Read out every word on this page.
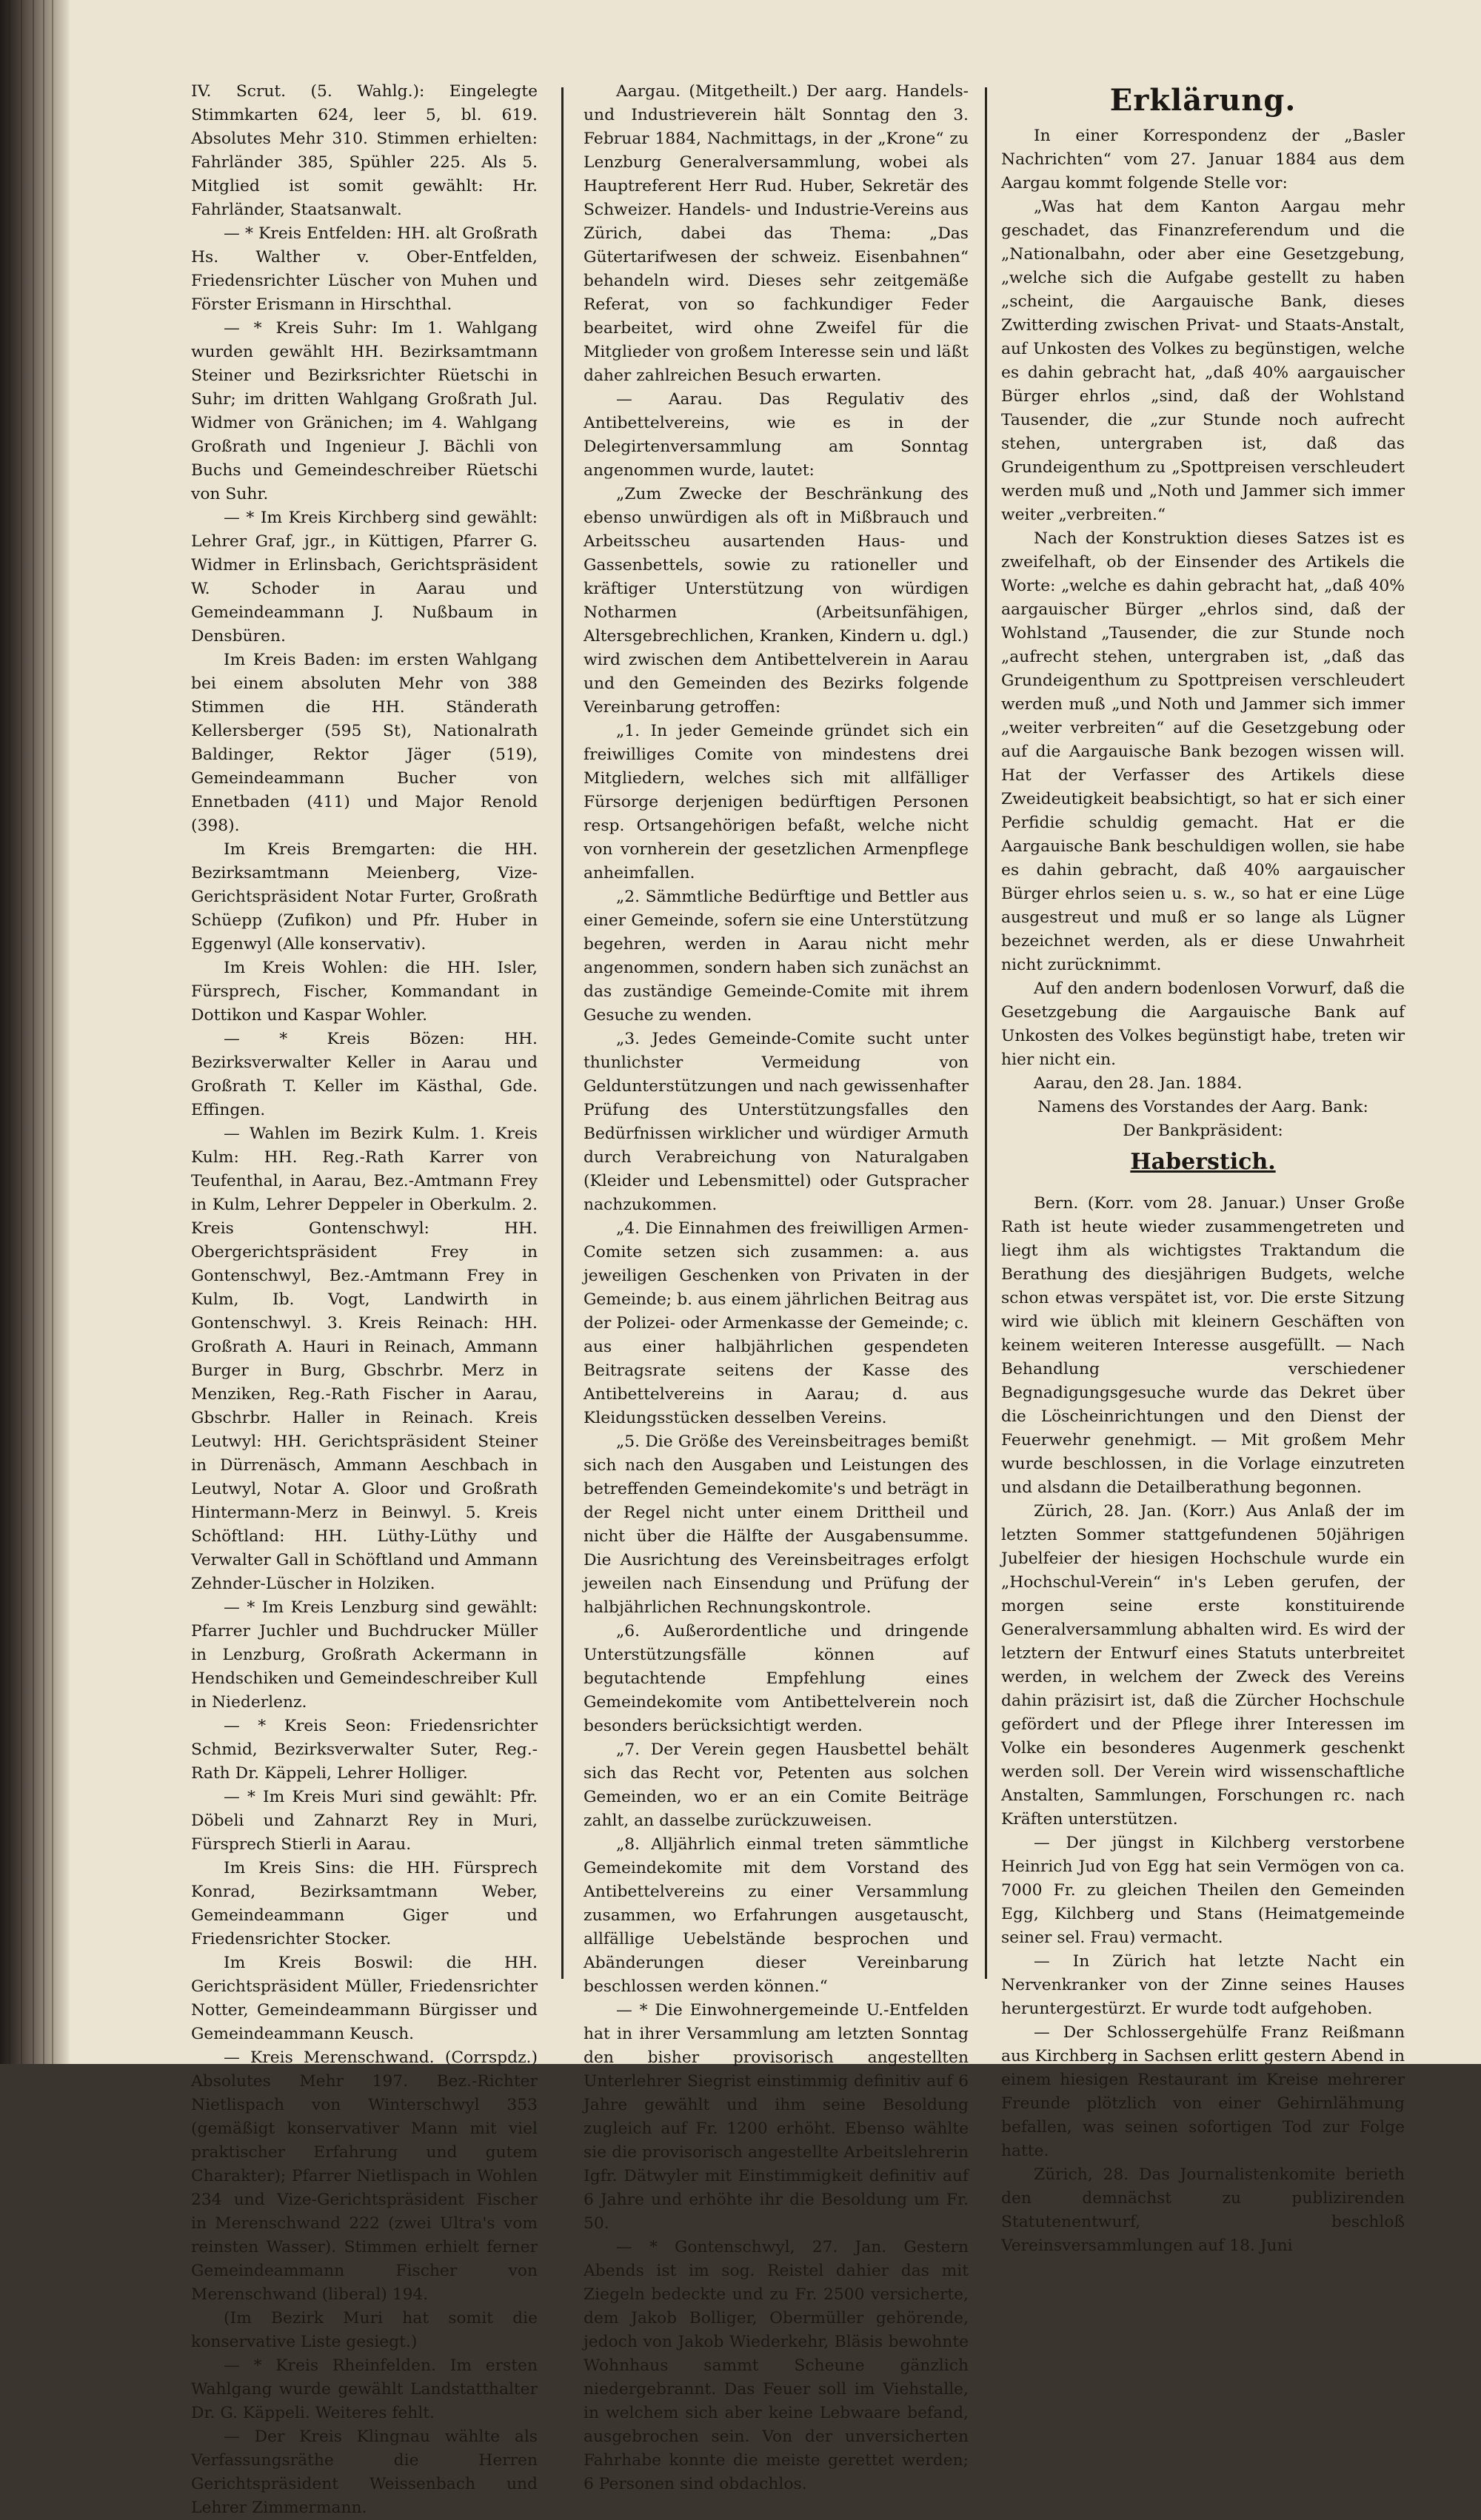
IV. Scrut. (5. Wahlg.): Eingelegte Stimmkarten 624, leer 5, bl. 619. Absolutes Mehr 310. Stimmen erhielten: Fahrländer 385, Spühler 225. Als 5. Mitglied ist somit gewählt: Hr. Fahrländer, Staatsanwalt.

— * Kreis Entfelden: HH. alt Großrath Hs. Walther v. Ober-Entfelden, Friedensrichter Lüscher von Muhen und Förster Erismann in Hirschthal.

— * Kreis Suhr: Im 1. Wahlgang wurden gewählt HH. Bezirksamtmann Steiner und Bezirksrichter Rüetschi in Suhr; im dritten Wahlgang Großrath Jul. Widmer von Gränichen; im 4. Wahlgang Großrath und Ingenieur J. Bächli von Buchs und Gemeindeschreiber Rüetschi von Suhr.

— * Im Kreis Kirchberg sind gewählt: Lehrer Graf, jgr., in Küttigen, Pfarrer G. Widmer in Erlinsbach, Gerichtspräsident W. Schoder in Aarau und Gemeindeammann J. Nußbaum in Densbüren.

Im Kreis Baden: im ersten Wahlgang bei einem absoluten Mehr von 388 Stimmen die HH. Ständerath Kellersberger (595 St), Nationalrath Baldinger, Rektor Jäger (519), Gemeindeammann Bucher von Ennetbaden (411) und Major Renold (398).

Im Kreis Bremgarten: die HH. Bezirksamtmann Meienberg, Vize-Gerichtspräsident Notar Furter, Großrath Schüepp (Zufikon) und Pfr. Huber in Eggenwyl (Alle konservativ).

Im Kreis Wohlen: die HH. Isler, Fürsprech, Fischer, Kommandant in Dottikon und Kaspar Wohler.

— * Kreis Bözen: HH. Bezirksverwalter Keller in Aarau und Großrath T. Keller im Kästhal, Gde. Effingen.

— Wahlen im Bezirk Kulm. 1. Kreis Kulm: HH. Reg.-Rath Karrer von Teufenthal, in Aarau, Bez.-Amtmann Frey in Kulm, Lehrer Deppeler in Oberkulm. 2. Kreis Gontenschwyl: HH. Obergerichtspräsident Frey in Gontenschwyl, Bez.-Amtmann Frey in Kulm, Ib. Vogt, Landwirth in Gontenschwyl. 3. Kreis Reinach: HH. Großrath A. Hauri in Reinach, Ammann Burger in Burg, Gbschrbr. Merz in Menziken, Reg.-Rath Fischer in Aarau, Gbschrbr. Haller in Reinach. Kreis Leutwyl: HH. Gerichtspräsident Steiner in Dürrenäsch, Ammann Aeschbach in Leutwyl, Notar A. Gloor und Großrath Hintermann-Merz in Beinwyl. 5. Kreis Schöftland: HH. Lüthy-Lüthy und Verwalter Gall in Schöftland und Ammann Zehnder-Lüscher in Holziken.

— * Im Kreis Lenzburg sind gewählt: Pfarrer Juchler und Buchdrucker Müller in Lenzburg, Großrath Ackermann in Hendschiken und Gemeindeschreiber Kull in Niederlenz.

— * Kreis Seon: Friedensrichter Schmid, Bezirksverwalter Suter, Reg.-Rath Dr. Käppeli, Lehrer Holliger.

— * Im Kreis Muri sind gewählt: Pfr. Döbeli und Zahnarzt Rey in Muri, Fürsprech Stierli in Aarau.

Im Kreis Sins: die HH. Fürsprech Konrad, Bezirksamtmann Weber, Gemeindeammann Giger und Friedensrichter Stocker.

Im Kreis Boswil: die HH. Gerichtspräsident Müller, Friedensrichter Notter, Gemeindeammann Bürgisser und Gemeindeammann Keusch.

— Kreis Merenschwand. (Corrspdz.) Absolutes Mehr 197. Bez.-Richter Nietlispach von Winterschwyl 353 (gemäßigt konservativer Mann mit viel praktischer Erfahrung und gutem Charakter); Pfarrer Nietlispach in Wohlen 234 und Vize-Gerichtspräsident Fischer in Merenschwand 222 (zwei Ultra's vom reinsten Wasser). Stimmen erhielt ferner Gemeindeammann Fischer von Merenschwand (liberal) 194.

(Im Bezirk Muri hat somit die konservative Liste gesiegt.)

— * Kreis Rheinfelden. Im ersten Wahlgang wurde gewählt Landstatthalter Dr. G. Käppeli. Weiteres fehlt.

— Der Kreis Klingnau wählte als Verfassungsräthe die Herren Gerichtspräsident Weissenbach und Lehrer Zimmermann.

Aargau. (Mitgetheilt.) Der aarg. Handels- und Industrieverein hält Sonntag den 3. Februar 1884, Nachmittags, in der „Krone“ zu Lenzburg Generalversammlung, wobei als Hauptreferent Herr Rud. Huber, Sekretär des Schweizer. Handels- und Industrie-Vereins aus Zürich, dabei das Thema: „Das Gütertarifwesen der schweiz. Eisenbahnen“ behandeln wird. Dieses sehr zeitgemäße Referat, von so fachkundiger Feder bearbeitet, wird ohne Zweifel für die Mitglieder von großem Interesse sein und läßt daher zahlreichen Besuch erwarten.

— Aarau. Das Regulativ des Antibettelvereins, wie es in der Delegirtenversammlung am Sonntag angenommen wurde, lautet:

„Zum Zwecke der Beschränkung des ebenso unwürdigen als oft in Mißbrauch und Arbeitsscheu ausartenden Haus- und Gassenbettels, sowie zu rationeller und kräftiger Unterstützung von würdigen Notharmen (Arbeitsunfähigen, Altersgebrechlichen, Kranken, Kindern u. dgl.) wird zwischen dem Antibettelverein in Aarau und den Gemeinden des Bezirks folgende Vereinbarung getroffen:

„1. In jeder Gemeinde gründet sich ein freiwilliges Comite von mindestens drei Mitgliedern, welches sich mit allfälliger Fürsorge derjenigen bedürftigen Personen resp. Ortsangehörigen befaßt, welche nicht von vornherein der gesetzlichen Armenpflege anheimfallen.

„2. Sämmtliche Bedürftige und Bettler aus einer Gemeinde, sofern sie eine Unterstützung begehren, werden in Aarau nicht mehr angenommen, sondern haben sich zunächst an das zuständige Gemeinde-Comite mit ihrem Gesuche zu wenden.

„3. Jedes Gemeinde-Comite sucht unter thunlichster Vermeidung von Geldunterstützungen und nach gewissenhafter Prüfung des Unterstützungsfalles den Bedürfnissen wirklicher und würdiger Armuth durch Verabreichung von Naturalgaben (Kleider und Lebensmittel) oder Gutspracher nachzukommen.

„4. Die Einnahmen des freiwilligen Armen-Comite setzen sich zusammen: a. aus jeweiligen Geschenken von Privaten in der Gemeinde; b. aus einem jährlichen Beitrag aus der Polizei- oder Armenkasse der Gemeinde; c. aus einer halbjährlichen gespendeten Beitragsrate seitens der Kasse des Antibettelvereins in Aarau; d. aus Kleidungsstücken desselben Vereins.

„5. Die Größe des Vereinsbeitrages bemißt sich nach den Ausgaben und Leistungen des betreffenden Gemeindekomite's und beträgt in der Regel nicht unter einem Drittheil und nicht über die Hälfte der Ausgabensumme. Die Ausrichtung des Vereinsbeitrages erfolgt jeweilen nach Einsendung und Prüfung der halbjährlichen Rechnungskontrole.

„6. Außerordentliche und dringende Unterstützungsfälle können auf begutachtende Empfehlung eines Gemeindekomite vom Antibettelverein noch besonders berücksichtigt werden.

„7. Der Verein gegen Hausbettel behält sich das Recht vor, Petenten aus solchen Gemeinden, wo er an ein Comite Beiträge zahlt, an dasselbe zurückzuweisen.

„8. Alljährlich einmal treten sämmtliche Gemeindekomite mit dem Vorstand des Antibettelvereins zu einer Versammlung zusammen, wo Erfahrungen ausgetauscht, allfällige Uebelstände besprochen und Abänderungen dieser Vereinbarung beschlossen werden können.“

— * Die Einwohnergemeinde U.-Entfelden hat in ihrer Versammlung am letzten Sonntag den bisher provisorisch angestellten Unterlehrer Siegrist einstimmig definitiv auf 6 Jahre gewählt und ihm seine Besoldung zugleich auf Fr. 1200 erhöht. Ebenso wählte sie die provisorisch angestellte Arbeitslehrerin Igfr. Dätwyler mit Einstimmigkeit definitiv auf 6 Jahre und erhöhte ihr die Besoldung um Fr. 50.

— * Gontenschwyl, 27. Jan. Gestern Abends ist im sog. Reistel dahier das mit Ziegeln bedeckte und zu Fr. 2500 versicherte, dem Jakob Bolliger, Obermüller gehörende, jedoch von Jakob Wiederkehr, Bläsis bewohnte Wohnhaus sammt Scheune gänzlich niedergebrannt. Das Feuer soll im Viehstalle, in welchem sich aber keine Lebwaare befand, ausgebrochen sein. Von der unversicherten Fahrhabe konnte die meiste gerettet werden; 6 Personen sind obdachlos.

Erklärung.

In einer Korrespondenz der „Basler Nachrichten“ vom 27. Januar 1884 aus dem Aargau kommt folgende Stelle vor:

„Was hat dem Kanton Aargau mehr geschadet, das Finanzreferendum und die „Nationalbahn, oder aber eine Gesetzgebung, „welche sich die Aufgabe gestellt zu haben „scheint, die Aargauische Bank, dieses Zwitterding zwischen Privat- und Staats-Anstalt, auf Unkosten des Volkes zu begünstigen, welche es dahin gebracht hat, „daß 40% aargauischer Bürger ehrlos „sind, daß der Wohlstand Tausender, die „zur Stunde noch aufrecht stehen, untergraben ist, daß das Grundeigenthum zu „Spottpreisen verschleudert werden muß und „Noth und Jammer sich immer weiter „verbreiten.“

Nach der Konstruktion dieses Satzes ist es zweifelhaft, ob der Einsender des Artikels die Worte: „welche es dahin gebracht hat, „daß 40% aargauischer Bürger „ehrlos sind, daß der Wohlstand „Tausender, die zur Stunde noch „aufrecht stehen, untergraben ist, „daß das Grundeigenthum zu Spottpreisen verschleudert werden muß „und Noth und Jammer sich immer „weiter verbreiten“ auf die Gesetzgebung oder auf die Aargauische Bank bezogen wissen will. Hat der Verfasser des Artikels diese Zweideutigkeit beabsichtigt, so hat er sich einer Perfidie schuldig gemacht. Hat er die Aargauische Bank beschuldigen wollen, sie habe es dahin gebracht, daß 40% aargauischer Bürger ehrlos seien u. s. w., so hat er eine Lüge ausgestreut und muß er so lange als Lügner bezeichnet werden, als er diese Unwahrheit nicht zurücknimmt.

Auf den andern bodenlosen Vorwurf, daß die Gesetzgebung die Aargauische Bank auf Unkosten des Volkes begünstigt habe, treten wir hier nicht ein.

Aarau, den 28. Jan. 1884.

Namens des Vorstandes der Aarg. Bank:

Der Bankpräsident:

Haberstich.

Bern. (Korr. vom 28. Januar.) Unser Große Rath ist heute wieder zusammengetreten und liegt ihm als wichtigstes Traktandum die Berathung des diesjährigen Budgets, welche schon etwas verspätet ist, vor. Die erste Sitzung wird wie üblich mit kleinern Geschäften von keinem weiteren Interesse ausgefüllt. — Nach Behandlung verschiedener Begnadigungsgesuche wurde das Dekret über die Löscheinrichtungen und den Dienst der Feuerwehr genehmigt. — Mit großem Mehr wurde beschlossen, in die Vorlage einzutreten und alsdann die Detailberathung begonnen.

Zürich, 28. Jan. (Korr.) Aus Anlaß der im letzten Sommer stattgefundenen 50jährigen Jubelfeier der hiesigen Hochschule wurde ein „Hochschul-Verein“ in's Leben gerufen, der morgen seine erste konstituirende Generalversammlung abhalten wird. Es wird der letztern der Entwurf eines Statuts unterbreitet werden, in welchem der Zweck des Vereins dahin präzisirt ist, daß die Zürcher Hochschule gefördert und der Pflege ihrer Interessen im Volke ein besonderes Augenmerk geschenkt werden soll. Der Verein wird wissenschaftliche Anstalten, Sammlungen, Forschungen rc. nach Kräften unterstützen.

— Der jüngst in Kilchberg verstorbene Heinrich Jud von Egg hat sein Vermögen von ca. 7000 Fr. zu gleichen Theilen den Gemeinden Egg, Kilchberg und Stans (Heimatgemeinde seiner sel. Frau) vermacht.

— In Zürich hat letzte Nacht ein Nervenkranker von der Zinne seines Hauses heruntergestürzt. Er wurde todt aufgehoben.

— Der Schlossergehülfe Franz Reißmann aus Kirchberg in Sachsen erlitt gestern Abend in einem hiesigen Restaurant im Kreise mehrerer Freunde plötzlich von einer Gehirnlähmung befallen, was seinen sofortigen Tod zur Folge hatte.

Zürich, 28. Das Journalistenkomite berieth den demnächst zu publizirenden Statutenentwurf, beschloß Vereinsversammlungen auf 18. Juni
